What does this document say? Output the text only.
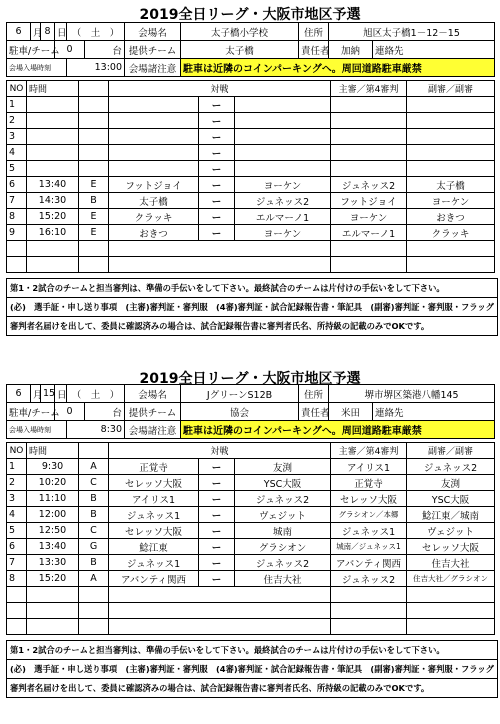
2019全日リーグ・大阪市地区予選
6	月	8	日	（　土　）		会場名	太子橋小学校	住所	旭区太子橋1－12－15	
駐車/チーム			0		台	提供チーム	太子橋	責任者	加納	連絡先
会場入場時刻				13:00		会場諸注意	駐車は近隣のコインパーキングへ。周回道路駐車厳禁			
NO	時間		対戦			主審／第4審判	副審／副審
1				ー			
2				ー			
3				ー			
4				ー			
5				ー			
6	13:40	E	フットジョイ	ー	ヨーケン	ジュネッス2	太子橋
7	14:30	B	太子橋	ー	ジュネッス2	フットジョイ	ヨーケン
8	15:20	E	クラッキ	ー	エルマーノ1	ヨーケン	おきつ
9	16:10	E	おきつ	ー	ヨーケン	エルマーノ1	クラッキ

第1・2試合のチームと担当審判は、準備の手伝いをして下さい。最終試合のチームは片付けの手伝いをして下さい。
(必)　選手証・申し送り事項　(主審)審判証・審判服　(4審)審判証・試合記録報告書・筆記具　(副審)審判証・審判服・フラッグ
審判者名届けを出して、委員に確認済みの場合は、試合記録報告書に審判者氏名、所持級の記載のみでOKです。
2019全日リーグ・大阪市地区予選
6	月	15	日	（　土　）		会場名	JグリーンS12B	住所	堺市堺区築港八幡145	
駐車/チーム			0		台	提供チーム	協会	責任者	米田	連絡先
会場入場時刻				8:30		会場諸注意	駐車は近隣のコインパーキングへ。周回道路駐車厳禁			
NO	時間		対戦			主審／第4審判	副審／副審
1	9:30	A	正覚寺	ー	友渕	アイリス1	ジュネッス2
2	10:20	C	セレッソ大阪	ー	YSC大阪	正覚寺	友渕
3	11:10	B	アイリス1	ー	ジュネッス2	セレッソ大阪	YSC大阪
4	12:00	B	ジュネッス1	ー	ヴェジット	グラシオン／本郷	鯰江東／城南
5	12:50	C	セレッソ大阪	ー	城南	ジュネッス1	ヴェジット
6	13:40	G	鯰江東	ー	グラシオン	城南／ジュネッス1	セレッソ大阪
7	13:30	B	ジュネッス1	ー	ジュネッス2	アバンティ関西	住吉大社
8	15:20	A	アバンティ関西	ー	住吉大社	ジュネッス2	住吉大社／グラシオン

第1・2試合のチームと担当審判は、準備の手伝いをして下さい。最終試合のチームは片付けの手伝いをして下さい。
(必)　選手証・申し送り事項　(主審)審判証・審判服　(4審)審判証・試合記録報告書・筆記具　(副審)審判証・審判服・フラッグ
審判者名届けを出して、委員に確認済みの場合は、試合記録報告書に審判者氏名、所持級の記載のみでOKです。
